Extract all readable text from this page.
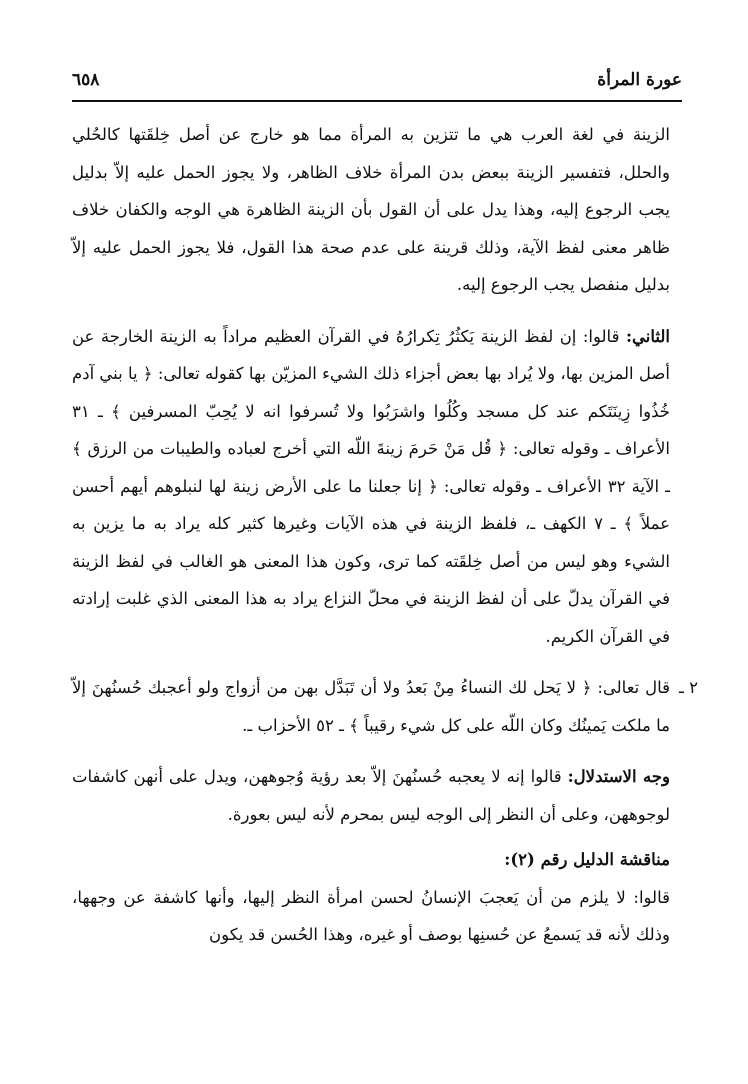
عورة المرأة
٦٥٨

الزينة في لغة العرب هي ما تتزين به المرأة مما هو خارج عن أصل خِلقَتها كالحُلي والحلل، فتفسير الزينة ببعض بدن المرأة خلاف الظاهر، ولا يجوز الحمل عليه إلاّ بدليل يجب الرجوع إليه، وهذا يدل على أن القول بأن الزينة الظاهرة هي الوجه والكفان خلاف ظاهر معنى لفظ الآية، وذلك قرينة على عدم صحة هذا القول، فلا يجوز الحمل عليه إلاّ بدليل منفصل يجب الرجوع إليه.

الثاني: قالوا: إن لفظ الزينة يَكثُرُ تِكرارُهُ في القرآن العظيم مراداً به الزينة الخارجة عن أصل المزين بها، ولا يُراد بها بعض أجزاء ذلك الشيء المزيّن بها كقوله تعالى: ﴿ يا بني آدم خُذُوا زِينَتَكم عند كل مسجد وكُلُوا واشرَبُوا ولا تُسرفوا انه لا يُحِبّ المسرفين ﴾ ـ ٣١ الأعراف ـ وقوله تعالى: ﴿ قُل مَنْ حَرمَ زينةَ اللّه التي أخرج لعباده والطيبات من الرزق ﴾ ـ الآية ٣٢ الأعراف ـ وقوله تعالى: ﴿ إنا جعلنا ما على الأرض زينة لها لنبلوهم أيهم أحسن عملاً ﴾ ـ ٧ الكهف ـ، فلفظ الزينة في هذه الآيات وغيرها كثير كله يراد به ما يزين به الشيء وهو ليس من أصل خِلقَته كما ترى، وكون هذا المعنى هو الغالب في لفظ الزينة في القرآن يدلّ على أن لفظ الزينة في محلّ النزاع يراد به هذا المعنى الذي غلبت إرادته في القرآن الكريم.

٢ ـ

قال تعالى: ﴿ لا يَحل لك النساءُ مِنْ بَعدُ ولا أن تَبَدَّل بهن من أزواج ولو أعجبك حُسنُهنَ إلاّ ما ملكت يَمينُك وكان اللّه على كل شيء رقيباً ﴾ ـ ٥٢ الأحزاب ـ.

وجه الاستدلال: قالوا إنه لا يعجبه حُسنُهنَ إلاّ بعد رؤية وُجوههن، ويدل على أنهن كاشفات لوجوههن، وعلى أن النظر إلى الوجه ليس بمحرم لأنه ليس بعورة.

مناقشة الدليل رقم (٢):

قالوا: لا يلزم من أن يَعجبَ الإنسانُ لحسن امرأة النظر إليها، وأنها كاشفة عن وجهها، وذلك لأنه قد يَسمعُ عن حُسنِها بوصف أو غيره، وهذا الحُسن قد يكون
